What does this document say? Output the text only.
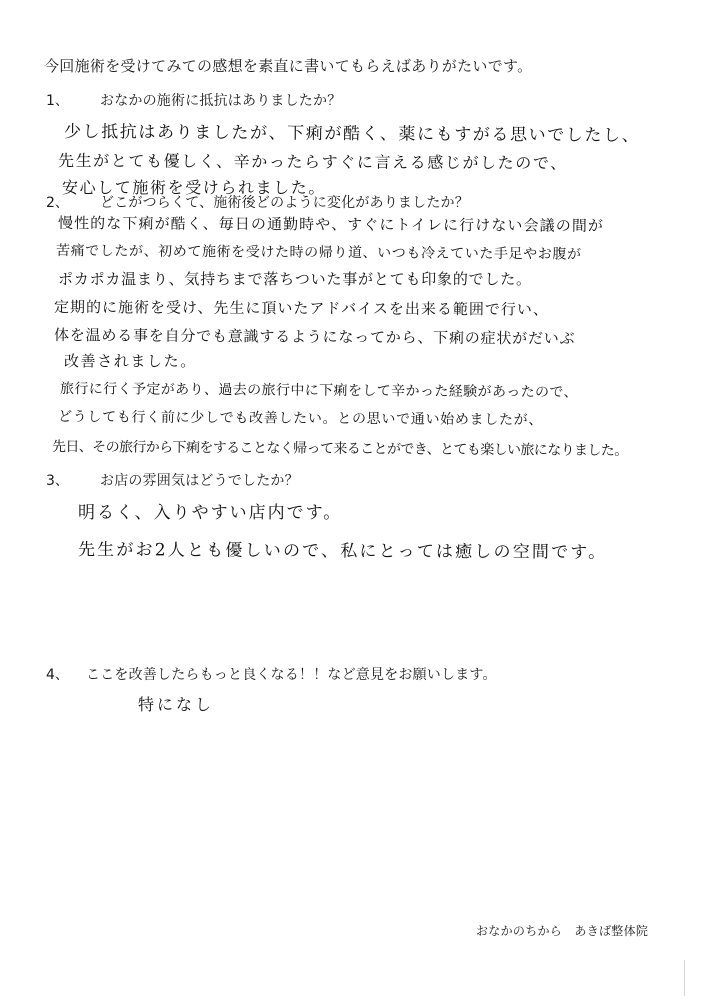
今回施術を受けてみての感想を素直に書いてもらえばありがたいです。
1、 おなかの施術に抵抗はありましたか？
少し抵抗はありましたが、下痢が酷く、薬にもすがる思いでしたし、
先生がとても優しく、辛かったらすぐに言える感じがしたので、
安心して施術を受けられました。
2、 どこがつらくて、施術後どのように変化がありましたか？
慢性的な下痢が酷く、毎日の通勤時や、すぐにトイレに行けない会議の間が
苦痛でしたが、初めて施術を受けた時の帰り道、いつも冷えていた手足やお腹が
ポカポカ温まり、気持ちまで落ちついた事がとても印象的でした。
定期的に施術を受け、先生に頂いたアドバイスを出来る範囲で行い、
体を温める事を自分でも意識するようになってから、下痢の症状がだいぶ
改善されました。
旅行に行く予定があり、過去の旅行中に下痢をして辛かった経験があったので、
どうしても行く前に少しでも改善したい。との思いで通い始めましたが、
先日、その旅行から下痢をすることなく帰って来ることができ、とても楽しい旅になりました。
3、 お店の雰囲気はどうでしたか？
明るく、入りやすい店内です。
先生がお2人とも優しいので、私にとっては癒しの空間です。
4、 ここを改善したらもっと良くなる！！など意見をお願いします。
特になし
おなかのちから　あきば整体院
